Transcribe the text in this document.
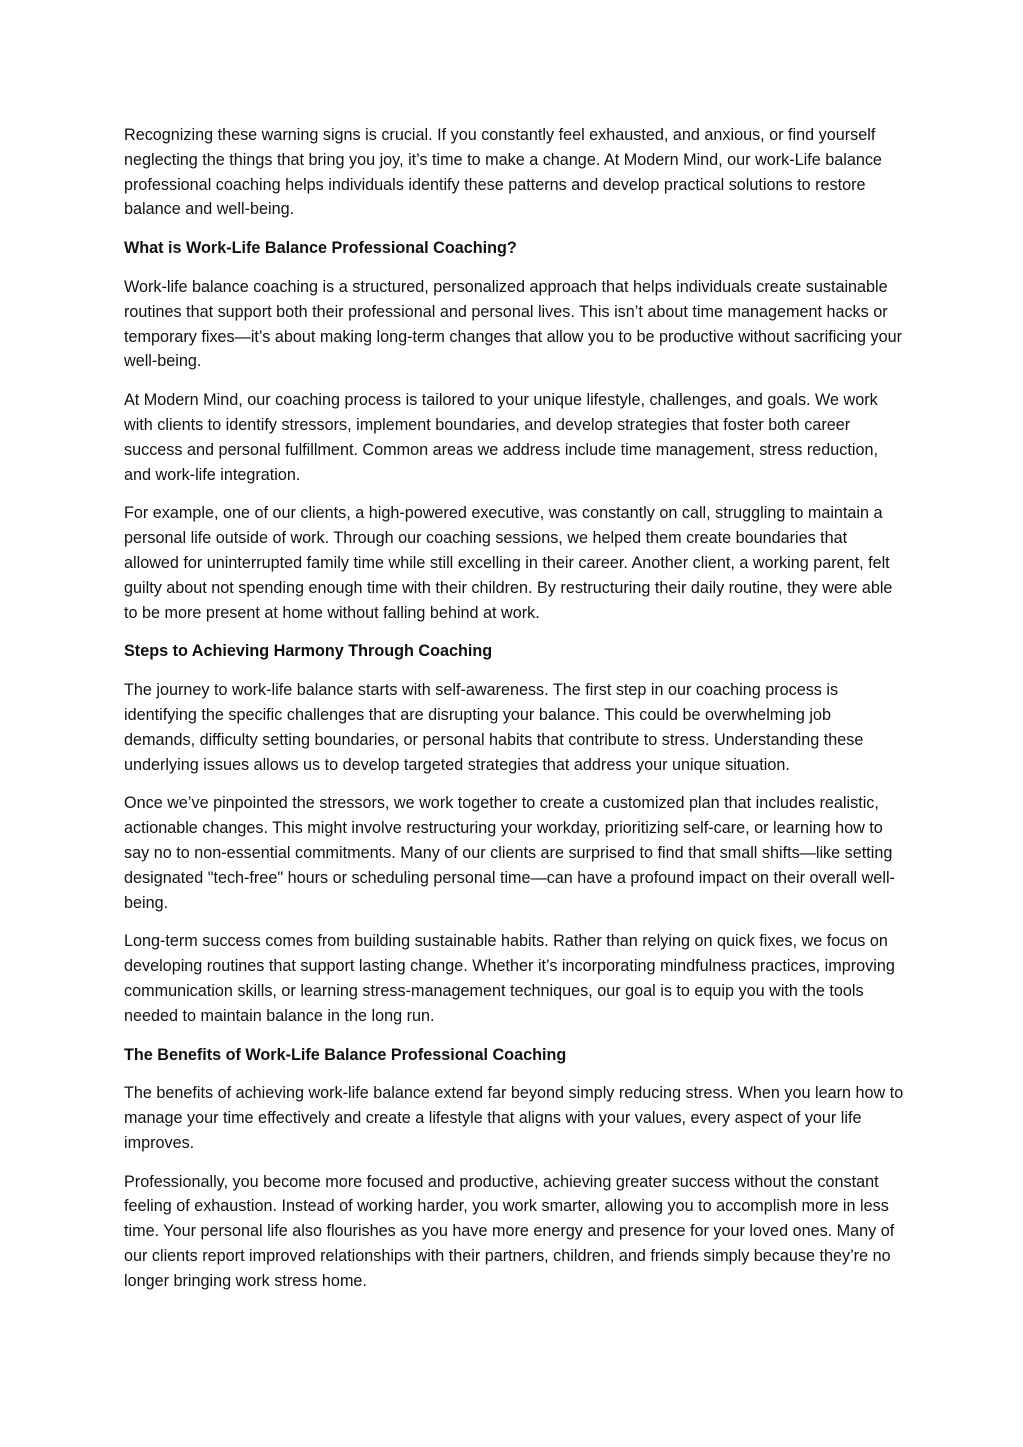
Recognizing these warning signs is crucial. If you constantly feel exhausted, and anxious, or find yourself neglecting the things that bring you joy, it’s time to make a change. At Modern Mind, our work-Life balance professional coaching helps individuals identify these patterns and develop practical solutions to restore balance and well-being.

What is Work-Life Balance Professional Coaching?

Work-life balance coaching is a structured, personalized approach that helps individuals create sustainable routines that support both their professional and personal lives. This isn’t about time management hacks or temporary fixes—it’s about making long-term changes that allow you to be productive without sacrificing your well-being.

At Modern Mind, our coaching process is tailored to your unique lifestyle, challenges, and goals. We work with clients to identify stressors, implement boundaries, and develop strategies that foster both career success and personal fulfillment. Common areas we address include time management, stress reduction, and work-life integration.

For example, one of our clients, a high-powered executive, was constantly on call, struggling to maintain a personal life outside of work. Through our coaching sessions, we helped them create boundaries that allowed for uninterrupted family time while still excelling in their career. Another client, a working parent, felt guilty about not spending enough time with their children. By restructuring their daily routine, they were able to be more present at home without falling behind at work.

Steps to Achieving Harmony Through Coaching

The journey to work-life balance starts with self-awareness. The first step in our coaching process is identifying the specific challenges that are disrupting your balance. This could be overwhelming job demands, difficulty setting boundaries, or personal habits that contribute to stress. Understanding these underlying issues allows us to develop targeted strategies that address your unique situation.

Once we’ve pinpointed the stressors, we work together to create a customized plan that includes realistic, actionable changes. This might involve restructuring your workday, prioritizing self-care, or learning how to say no to non-essential commitments. Many of our clients are surprised to find that small shifts—like setting designated "tech-free" hours or scheduling personal time—can have a profound impact on their overall well-being.

Long-term success comes from building sustainable habits. Rather than relying on quick fixes, we focus on developing routines that support lasting change. Whether it’s incorporating mindfulness practices, improving communication skills, or learning stress-management techniques, our goal is to equip you with the tools needed to maintain balance in the long run.

The Benefits of Work-Life Balance Professional Coaching

The benefits of achieving work-life balance extend far beyond simply reducing stress. When you learn how to manage your time effectively and create a lifestyle that aligns with your values, every aspect of your life improves.

Professionally, you become more focused and productive, achieving greater success without the constant feeling of exhaustion. Instead of working harder, you work smarter, allowing you to accomplish more in less time. Your personal life also flourishes as you have more energy and presence for your loved ones. Many of our clients report improved relationships with their partners, children, and friends simply because they’re no longer bringing work stress home.
